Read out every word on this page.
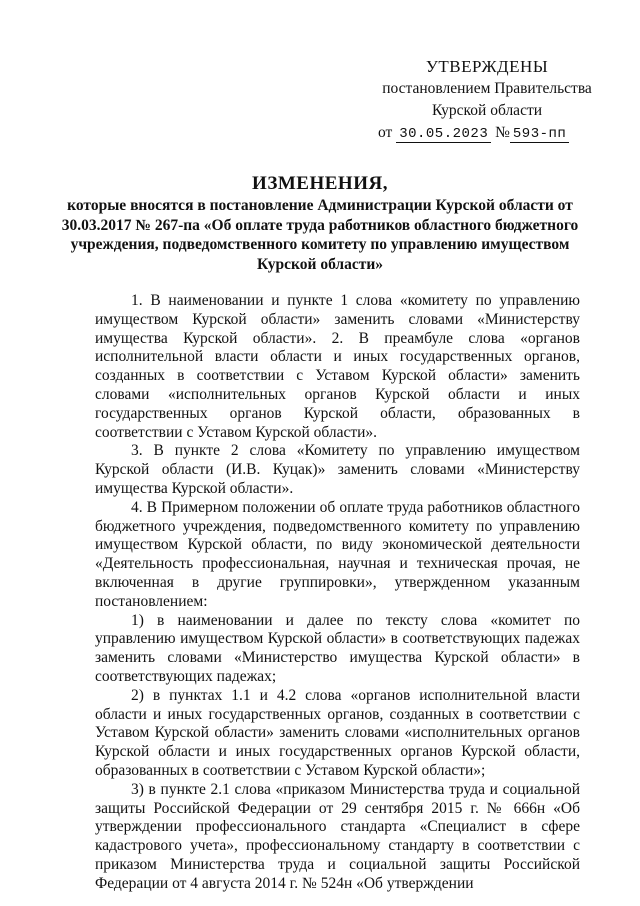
УТВЕРЖДЕНЫ
постановлением Правительства
Курской области
от 30.05.2023 № 593-пп
ИЗМЕНЕНИЯ,
которые вносятся в постановление Администрации Курской области от 30.03.2017 № 267-па «Об оплате труда работников областного бюджетного учреждения, подведомственного комитету по управлению имуществом Курской области»

1. В наименовании и пункте 1 слова «комитету по управлению имуществом Курской области» заменить словами «Министерству имущества Курской области». 2. В преамбуле слова «органов исполнительной власти области и иных государственных органов, созданных в соответствии с Уставом Курской области» заменить словами «исполнительных органов Курской области и иных государственных органов Курской области, образованных в соответствии с Уставом Курской области».

3. В пункте 2 слова «Комитету по управлению имуществом Курской области (И.В. Куцак)» заменить словами «Министерству имущества Курской области».

4. В Примерном положении об оплате труда работников областного бюджетного учреждения, подведомственного комитету по управлению имуществом Курской области, по виду экономической деятельности «Деятельность профессиональная, научная и техническая прочая, не включенная в другие группировки», утвержденном указанным постановлением:

1) в наименовании и далее по тексту слова «комитет по управлению имуществом Курской области» в соответствующих падежах заменить словами «Министерство имущества Курской области» в соответствующих падежах;

2) в пунктах 1.1 и 4.2 слова «органов исполнительной власти области и иных государственных органов, созданных в соответствии с Уставом Курской области» заменить словами «исполнительных органов Курской области и иных государственных органов Курской области, образованных в соответствии с Уставом Курской области»;

3) в пункте 2.1 слова «приказом Министерства труда и социальной защиты Российской Федерации от 29 сентября 2015 г. № 666н «Об утверждении профессионального стандарта «Специалист в сфере кадастрового учета», профессиональному стандарту в соответствии с приказом Министерства труда и социальной защиты Российской Федерации от 4 августа 2014 г. № 524н «Об утверждении
